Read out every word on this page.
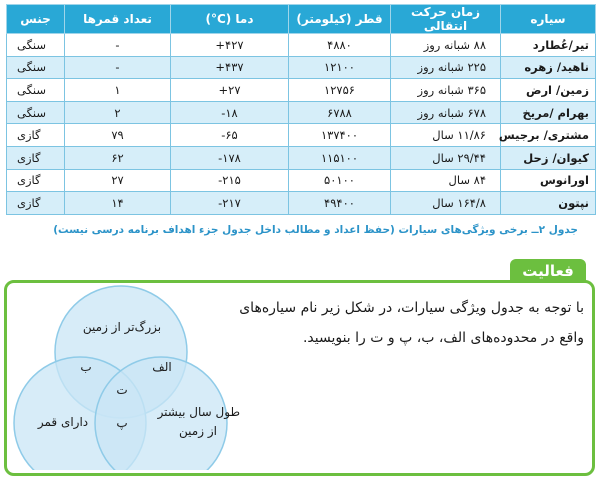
سیاره	زمان حرکت انتقالی	قطر (کیلومتر)	دما (C°)	تعداد قمرها	جنس
تیر/عُطارد	۸۸ شبانه روز	۴۸۸۰	+۴۲۷	-	سنگی
ناهید/ زهره	۲۲۵ شبانه روز	۱۲۱۰۰	+۴۳۷	-	سنگی
زمین/ ارض	۳۶۵ شبانه روز	۱۲۷۵۶	+۲۷	۱	سنگی
بهرام /مریخ	۶۷۸ شبانه روز	۶۷۸۸	-۱۸	۲	سنگی
مشتری/ برجیس	۱۱/۸۶ سال	۱۳۷۴۰۰	-۶۵	۷۹	گازی
کیوان/ زحل	۲۹/۴۴ سال	۱۱۵۱۰۰	-۱۷۸	۶۲	گازی
اورانوس	۸۴ سال	۵۰۱۰۰	-۲۱۵	۲۷	گازی
نپتون	۱۶۴/۸ سال	۴۹۴۰۰	-۲۱۷	۱۴	گازی
جدول ۲ــ برخی ویژگی‌های سیارات (حفظ اعداد و مطالب داخل جدول جزء اهداف برنامه درسی نیست)
فعالیت
با توجه به جدول ویژگی سیارات، در شکل زیر نام سیاره‌های
واقع در محدوده‌های الف، ب، پ و ت را بنویسید.
بزرگ‌تر از زمین
طول سال بیشتر
از زمین
دارای قمر
الف
ب
ت
پ
